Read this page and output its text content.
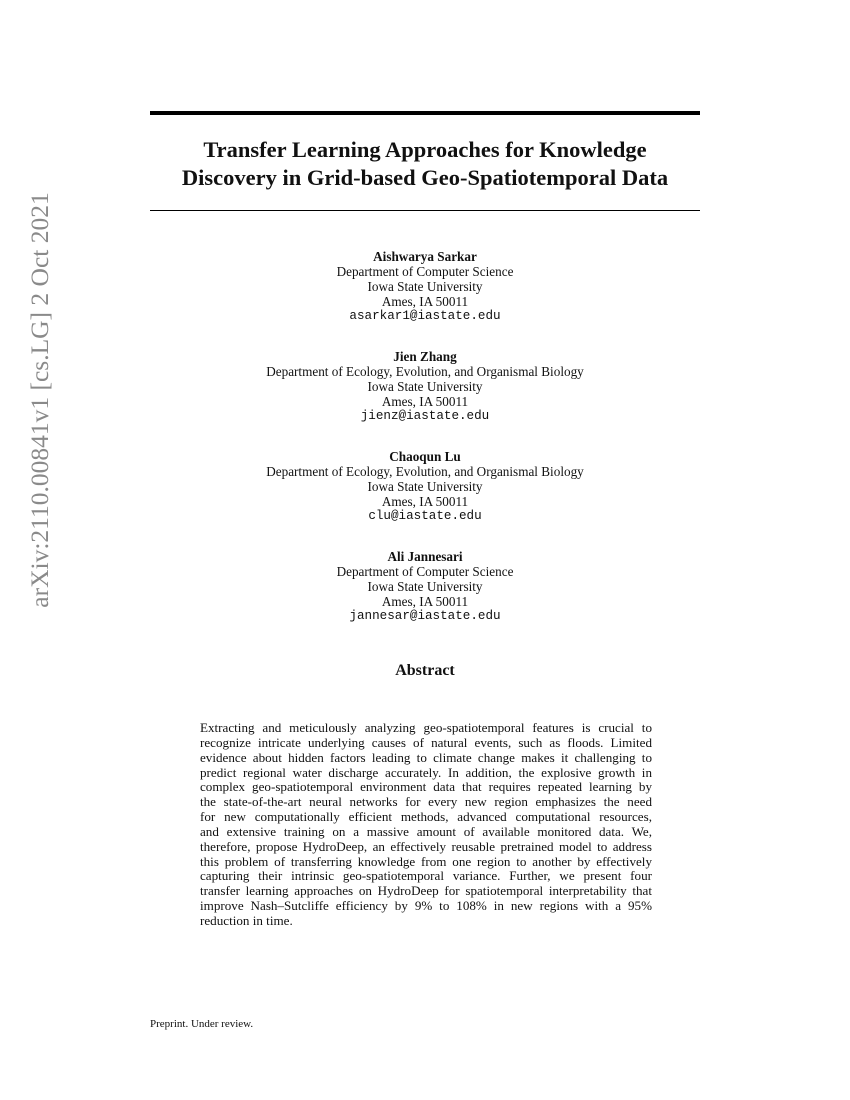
arXiv:2110.00841v1 [cs.LG] 2 Oct 2021
Transfer Learning Approaches for Knowledge
Discovery in Grid-based Geo-Spatiotemporal Data
Aishwarya Sarkar
Department of Computer Science
Iowa State University
Ames, IA 50011
asarkar1@iastate.edu
Jien Zhang
Department of Ecology, Evolution, and Organismal Biology
Iowa State University
Ames, IA 50011
jienz@iastate.edu
Chaoqun Lu
Department of Ecology, Evolution, and Organismal Biology
Iowa State University
Ames, IA 50011
clu@iastate.edu
Ali Jannesari
Department of Computer Science
Iowa State University
Ames, IA 50011
jannesar@iastate.edu
Abstract
Extracting and meticulously analyzing geo-spatiotemporal features is crucial to
recognize intricate underlying causes of natural events, such as floods. Limited
evidence about hidden factors leading to climate change makes it challenging to
predict regional water discharge accurately. In addition, the explosive growth in
complex geo-spatiotemporal environment data that requires repeated learning by
the state-of-the-art neural networks for every new region emphasizes the need
for new computationally efficient methods, advanced computational resources,
and extensive training on a massive amount of available monitored data. We,
therefore, propose HydroDeep, an effectively reusable pretrained model to address
this problem of transferring knowledge from one region to another by effectively
capturing their intrinsic geo-spatiotemporal variance. Further, we present four
transfer learning approaches on HydroDeep for spatiotemporal interpretability that
improve Nash–Sutcliffe efficiency by 9% to 108% in new regions with a 95%
reduction in time.
Preprint. Under review.
